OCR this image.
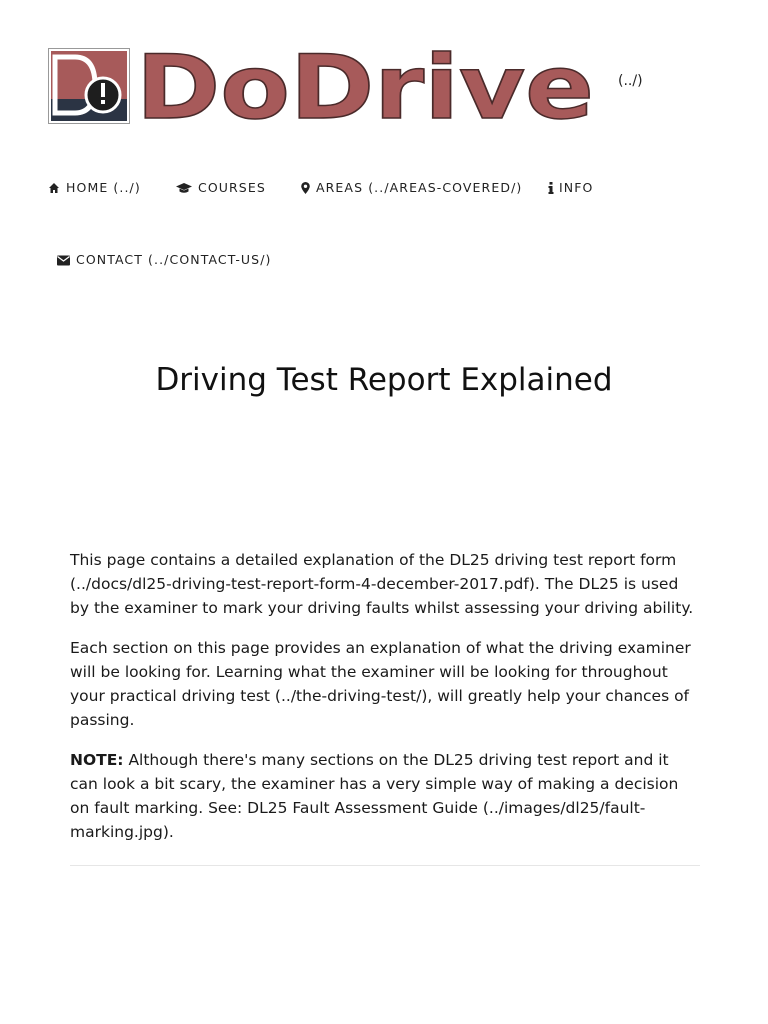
DoDrive (../)
HOME (../)	COURSES	AREAS (../AREAS-COVERED/)	INFO
CONTACT (../CONTACT-US/)
Driving Test Report Explained

This page contains a detailed explanation of the DL25 driving test report form (../docs/dl25-driving-test-report-form-4-december-2017.pdf). The DL25 is used by the examiner to mark your driving faults whilst assessing your driving ability.

Each section on this page provides an explanation of what the driving examiner will be looking for. Learning what the examiner will be looking for throughout your practical driving test (../the-driving-test/), will greatly help your chances of passing.

NOTE: Although there's many sections on the DL25 driving test report and it can look a bit scary, the examiner has a very simple way of making a decision on fault marking. See: DL25 Fault Assessment Guide (../images/dl25/fault-marking.jpg).
